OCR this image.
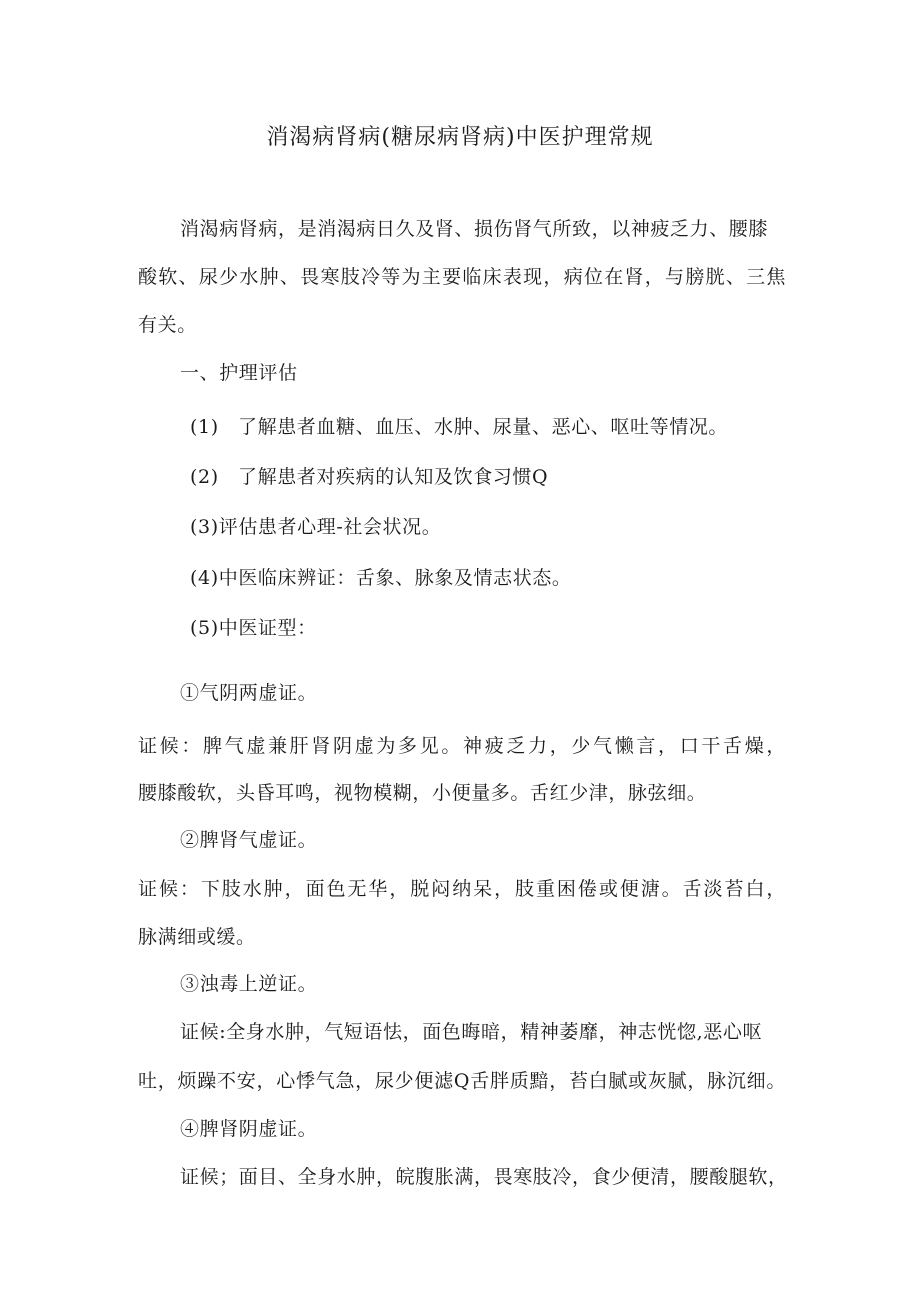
消渴病肾病(糖尿病肾病)中医护理常规
消渴病肾病，是消渴病日久及肾、损伤肾气所致，以神疲乏力、腰膝
酸软、尿少水肿、畏寒肢冷等为主要临床表现，病位在肾，与膀胱、三焦
有关。
一、护理评估
(1) 了解患者血糖、血压、水肿、尿量、恶心、呕吐等情况。
(2) 了解患者对疾病的认知及饮食习惯Q
(3)评估患者心理-社会状况。
(4)中医临床辨证：舌象、脉象及情志状态。
(5)中医证型：
①气阴两虚证。
证候：脾气虚兼肝肾阴虚为多见。神疲乏力，少气懒言，口干舌燥，
腰膝酸软，头昏耳鸣，视物模糊，小便量多。舌红少津，脉弦细。
②脾肾气虚证。
证候：下肢水肿，面色无华，脱闷纳呆，肢重困倦或便溏。舌淡苔白，
脉满细或缓。
③浊毒上逆证。
证候:全身水肿，气短语怯，面色晦暗，精神萎靡，神志恍惚,恶心呕
吐，烦躁不安，心悸气急，尿少便滤Q舌胖质黯，苔白腻或灰腻，脉沉细。
④脾肾阴虚证。
证候；面目、全身水肿，皖腹胀满，畏寒肢冷，食少便清，腰酸腿软，
